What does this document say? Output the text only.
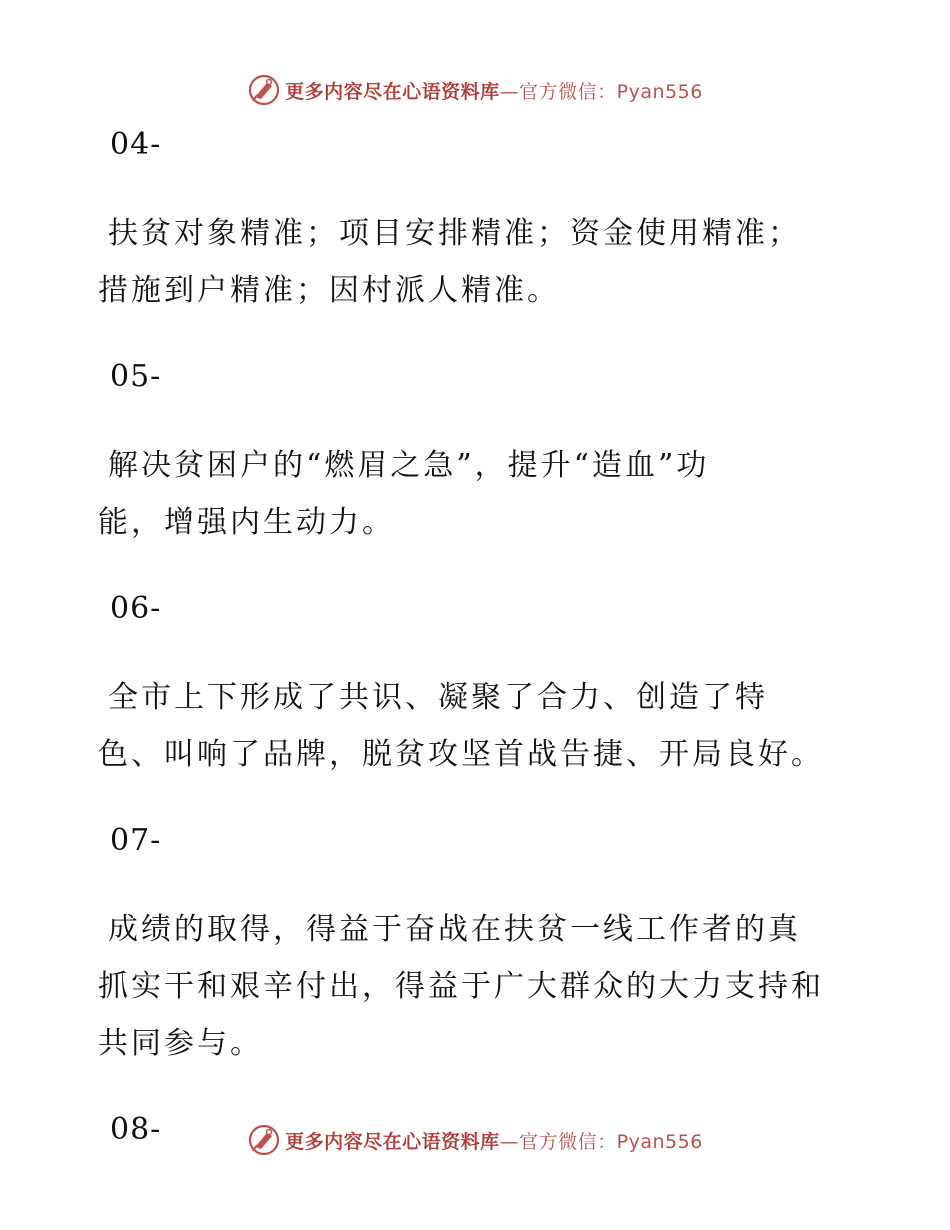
更多内容尽在心语资料库—官方微信：Pyan556

04-

扶贫对象精准；项目安排精准；资金使用精准；

措施到户精准；因村派人精准。

05-

解决贫困户的“燃眉之急”，提升“造血”功

能，增强内生动力。

06-

全市上下形成了共识、凝聚了合力、创造了特

色、叫响了品牌，脱贫攻坚首战告捷、开局良好。

07-

成绩的取得，得益于奋战在扶贫一线工作者的真

抓实干和艰辛付出，得益于广大群众的大力支持和

共同参与。

08-	更多内容尽在心语资料库—官方微信：Pyan556
